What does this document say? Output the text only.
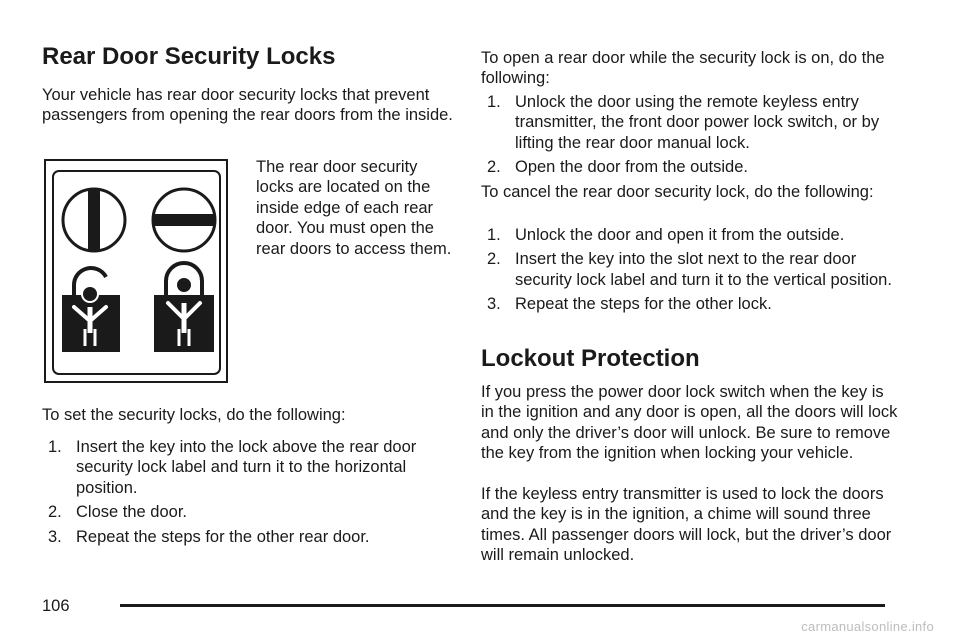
Rear Door Security Locks

Your vehicle has rear door security locks that prevent passengers from opening the rear doors from the inside.

The rear door security locks are located on the inside edge of each rear door. You must open the rear doors to access them.

To set the security locks, do the following:

1. Insert the key into the lock above the rear door security lock label and turn it to the horizontal position.
2. Close the door.
3. Repeat the steps for the other rear door.

To open a rear door while the security lock is on, do the following:

1. Unlock the door using the remote keyless entry transmitter, the front door power lock switch, or by lifting the rear door manual lock.
2. Open the door from the outside.

To cancel the rear door security lock, do the following:

1. Unlock the door and open it from the outside.
2. Insert the key into the slot next to the rear door security lock label and turn it to the vertical position.
3. Repeat the steps for the other lock.
Lockout Protection

If you press the power door lock switch when the key is in the ignition and any door is open, all the doors will lock and only the driver’s door will unlock. Be sure to remove the key from the ignition when locking your vehicle.

If the keyless entry transmitter is used to lock the doors and the key is in the ignition, a chime will sound three times. All passenger doors will lock, but the driver’s door will remain unlocked.

106
carmanualsonline.info
